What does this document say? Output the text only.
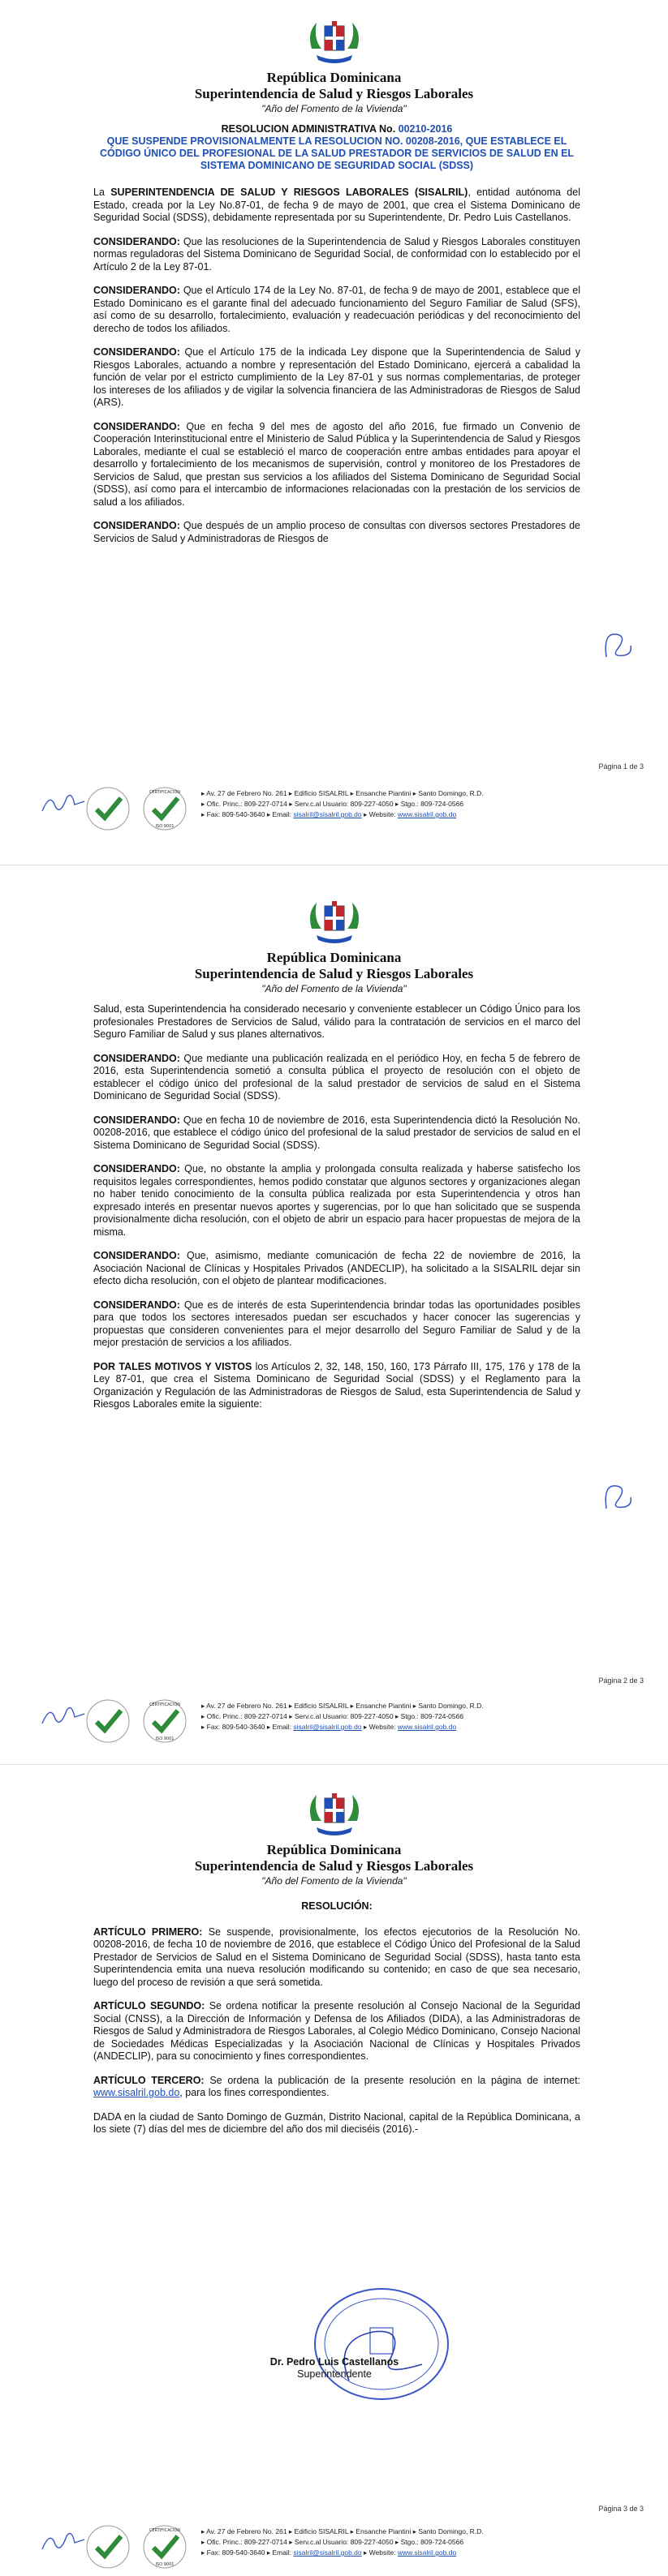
República Dominicana
Superintendencia de Salud y Riesgos Laborales
"Año del Fomento de la Vivienda"
RESOLUCION ADMINISTRATIVA No. 00210-2016
QUE SUSPENDE PROVISIONALMENTE LA RESOLUCION NO. 00208-2016, QUE ESTABLECE EL CÓDIGO ÚNICO DEL PROFESIONAL DE LA SALUD PRESTADOR DE SERVICIOS DE SALUD EN EL SISTEMA DOMINICANO DE SEGURIDAD SOCIAL (SDSS)

La SUPERINTENDENCIA DE SALUD Y RIESGOS LABORALES (SISALRIL), entidad autónoma del Estado, creada por la Ley No.87-01, de fecha 9 de mayo de 2001, que crea el Sistema Dominicano de Seguridad Social (SDSS), debidamente representada por su Superintendente, Dr. Pedro Luis Castellanos.

CONSIDERANDO: Que las resoluciones de la Superintendencia de Salud y Riesgos Laborales constituyen normas reguladoras del Sistema Dominicano de Seguridad Social, de conformidad con lo establecido por el Artículo 2 de la Ley 87-01.

CONSIDERANDO: Que el Artículo 174 de la Ley No. 87-01, de fecha 9 de mayo de 2001, establece que el Estado Dominicano es el garante final del adecuado funcionamiento del Seguro Familiar de Salud (SFS), así como de su desarrollo, fortalecimiento, evaluación y readecuación periódicas y del reconocimiento del derecho de todos los afiliados.

CONSIDERANDO: Que el Artículo 175 de la indicada Ley dispone que la Superintendencia de Salud y Riesgos Laborales, actuando a nombre y representación del Estado Dominicano, ejercerá a cabalidad la función de velar por el estricto cumplimiento de la Ley 87-01 y sus normas complementarias, de proteger los intereses de los afiliados y de vigilar la solvencia financiera de las Administradoras de Riesgos de Salud (ARS).

CONSIDERANDO: Que en fecha 9 del mes de agosto del año 2016, fue firmado un Convenio de Cooperación Interinstitucional entre el Ministerio de Salud Pública y la Superintendencia de Salud y Riesgos Laborales, mediante el cual se estableció el marco de cooperación entre ambas entidades para apoyar el desarrollo y fortalecimiento de los mecanismos de supervisión, control y monitoreo de los Prestadores de Servicios de Salud, que prestan sus servicios a los afiliados del Sistema Dominicano de Seguridad Social (SDSS), así como para el intercambio de informaciones relacionadas con la prestación de los servicios de salud a los afiliados.

CONSIDERANDO: Que después de un amplio proceso de consultas con diversos sectores Prestadores de Servicios de Salud y Administradoras de Riesgos de

Página 1 de 3
CERTIFICACIÓN
ISO 9001
▸ Av. 27 de Febrero No. 261 ▸ Edificio SISALRIL ▸ Ensanche Piantini ▸ Santo Domingo, R.D.
▸ Ofic. Princ.: 809-227-0714 ▸ Serv.c.al Usuario: 809-227-4050 ▸ Stgo.: 809-724-0566
▸ Fax: 809-540-3640 ▸ Email: sisalril@sisalril.gob.do ▸ Website: www.sisalril.gob.do
República Dominicana
Superintendencia de Salud y Riesgos Laborales
"Año del Fomento de la Vivienda"

Salud, esta Superintendencia ha considerado necesario y conveniente establecer un Código Único para los profesionales Prestadores de Servicios de Salud, válido para la contratación de servicios en el marco del Seguro Familiar de Salud y sus planes alternativos.

CONSIDERANDO: Que mediante una publicación realizada en el periódico Hoy, en fecha 5 de febrero de 2016, esta Superintendencia sometió a consulta pública el proyecto de resolución con el objeto de establecer el código único del profesional de la salud prestador de servicios de salud en el Sistema Dominicano de Seguridad Social (SDSS).

CONSIDERANDO: Que en fecha 10 de noviembre de 2016, esta Superintendencia dictó la Resolución No. 00208-2016, que establece el código único del profesional de la salud prestador de servicios de salud en el Sistema Dominicano de Seguridad Social (SDSS).

CONSIDERANDO: Que, no obstante la amplia y prolongada consulta realizada y haberse satisfecho los requisitos legales correspondientes, hemos podido constatar que algunos sectores y organizaciones alegan no haber tenido conocimiento de la consulta pública realizada por esta Superintendencia y otros han expresado interés en presentar nuevos aportes y sugerencias, por lo que han solicitado que se suspenda provisionalmente dicha resolución, con el objeto de abrir un espacio para hacer propuestas de mejora de la misma.

CONSIDERANDO: Que, asimismo, mediante comunicación de fecha 22 de noviembre de 2016, la Asociación Nacional de Clínicas y Hospitales Privados (ANDECLIP), ha solicitado a la SISALRIL dejar sin efecto dicha resolución, con el objeto de plantear modificaciones.

CONSIDERANDO: Que es de interés de esta Superintendencia brindar todas las oportunidades posibles para que todos los sectores interesados puedan ser escuchados y hacer conocer las sugerencias y propuestas que consideren convenientes para el mejor desarrollo del Seguro Familiar de Salud y de la mejor prestación de servicios a los afiliados.

POR TALES MOTIVOS Y VISTOS los Artículos 2, 32, 148, 150, 160, 173 Párrafo III, 175, 176 y 178 de la Ley 87-01, que crea el Sistema Dominicano de Seguridad Social (SDSS) y el Reglamento para la Organización y Regulación de las Administradoras de Riesgos de Salud, esta Superintendencia de Salud y Riesgos Laborales emite la siguiente:

Página 2 de 3
CERTIFICACIÓN
ISO 9001
▸ Av. 27 de Febrero No. 261 ▸ Edificio SISALRIL ▸ Ensanche Piantini ▸ Santo Domingo, R.D.
▸ Ofic. Princ.: 809-227-0714 ▸ Serv.c.al Usuario: 809-227-4050 ▸ Stgo.: 809-724-0566
▸ Fax: 809-540-3640 ▸ Email: sisalril@sisalril.gob.do ▸ Website: www.sisalril.gob.do
República Dominicana
Superintendencia de Salud y Riesgos Laborales
"Año del Fomento de la Vivienda"
RESOLUCIÓN:

ARTÍCULO PRIMERO: Se suspende, provisionalmente, los efectos ejecutorios de la Resolución No. 00208-2016, de fecha 10 de noviembre de 2016, que establece el Código Único del Profesional de la Salud Prestador de Servicios de Salud en el Sistema Dominicano de Seguridad Social (SDSS), hasta tanto esta Superintendencia emita una nueva resolución modificando su contenido; en caso de que sea necesario, luego del proceso de revisión a que será sometida.

ARTÍCULO SEGUNDO: Se ordena notificar la presente resolución al Consejo Nacional de la Seguridad Social (CNSS), a la Dirección de Información y Defensa de los Afiliados (DIDA), a las Administradoras de Riesgos de Salud y Administradora de Riesgos Laborales, al Colegio Médico Dominicano, Consejo Nacional de Sociedades Médicas Especializadas y la Asociación Nacional de Clínicas y Hospitales Privados (ANDECLIP), para su conocimiento y fines correspondientes.

ARTÍCULO TERCERO: Se ordena la publicación de la presente resolución en la página de internet: www.sisalril.gob.do, para los fines correspondientes.

DADA en la ciudad de Santo Domingo de Guzmán, Distrito Nacional, capital de la República Dominicana, a los siete (7) días del mes de diciembre del año dos mil dieciséis (2016).-

Dr. Pedro Luis Castellanos
Superintendente
Página 3 de 3
CERTIFICACIÓN
ISO 9001
▸ Av. 27 de Febrero No. 261 ▸ Edificio SISALRIL ▸ Ensanche Piantini ▸ Santo Domingo, R.D.
▸ Ofic. Princ.: 809-227-0714 ▸ Serv.c.al Usuario: 809-227-4050 ▸ Stgo.: 809-724-0566
▸ Fax: 809-540-3640 ▸ Email: sisalril@sisalril.gob.do ▸ Website: www.sisalril.gob.do
